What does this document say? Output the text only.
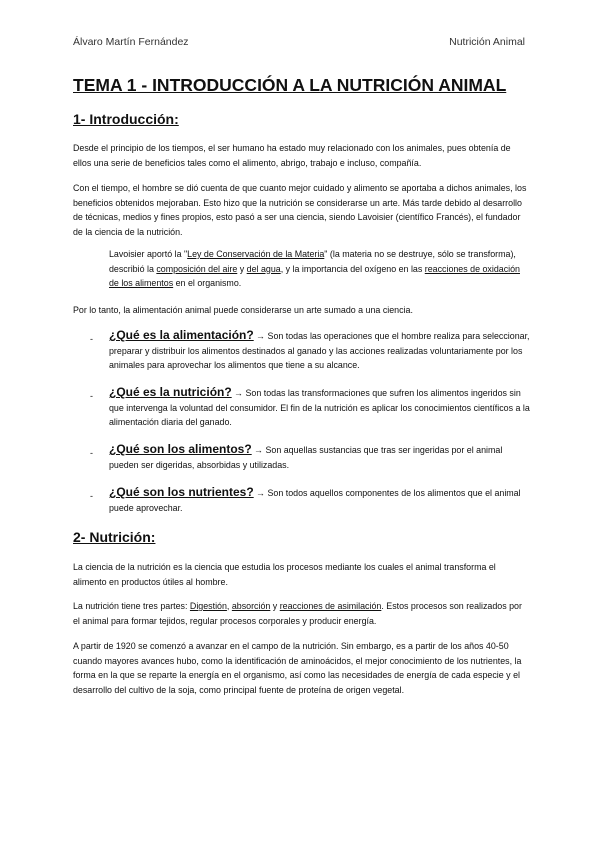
Álvaro Martín Fernández	Nutrición Animal
TEMA 1 - INTRODUCCIÓN A LA NUTRICIÓN ANIMAL
1- Introducción:
Desde el principio de los tiempos, el ser humano ha estado muy relacionado con los animales, pues obtenía de ellos una serie de beneficios tales como el alimento, abrigo, trabajo e incluso, compañía.
Con el tiempo, el hombre se dió cuenta de que cuanto mejor cuidado y alimento se aportaba a dichos animales, los beneficios obtenidos mejoraban. Esto hizo que la nutrición se considerarse un arte. Más tarde debido al desarrollo de técnicas, medios y fines propios, esto pasó a ser una ciencia, siendo Lavoisier (científico Francés), el fundador de la ciencia de la nutrición.
Lavoisier aportó la "Ley de Conservación de la Materia" (la materia no se destruye, sólo se transforma), describió la composición del aire y del agua, y la importancia del oxígeno en las reacciones de oxidación de los alimentos en el organismo.
Por lo tanto, la alimentación animal puede considerarse un arte sumado a una ciencia.
- ¿Qué es la alimentación? → Son todas las operaciones que el hombre realiza para seleccionar, preparar y distribuir los alimentos destinados al ganado y las acciones realizadas voluntariamente por los animales para aprovechar los alimentos que tiene a su alcance.
- ¿Qué es la nutrición? → Son todas las transformaciones que sufren los alimentos ingeridos sin que intervenga la voluntad del consumidor. El fin de la nutrición es aplicar los conocimientos científicos a la alimentación diaria del ganado.
- ¿Qué son los alimentos? → Son aquellas sustancias que tras ser ingeridas por el animal pueden ser digeridas, absorbidas y utilizadas.
- ¿Qué son los nutrientes? → Son todos aquellos componentes de los alimentos que el animal puede aprovechar.
2- Nutrición:
La ciencia de la nutrición es la ciencia que estudia los procesos mediante los cuales el animal transforma el alimento en productos útiles al hombre.
La nutrición tiene tres partes: Digestión, absorción y reacciones de asimilación. Estos procesos son realizados por el animal para formar tejidos, regular procesos corporales y producir energía.
A partir de 1920 se comenzó a avanzar en el campo de la nutrición. Sin embargo, es a partir de los años 40-50 cuando mayores avances hubo, como la identificación de aminoácidos, el mejor conocimiento de los nutrientes, la forma en la que se reparte la energía en el organismo, así como las necesidades de energía de cada especie y el desarrollo del cultivo de la soja, como principal fuente de proteína de origen vegetal.
